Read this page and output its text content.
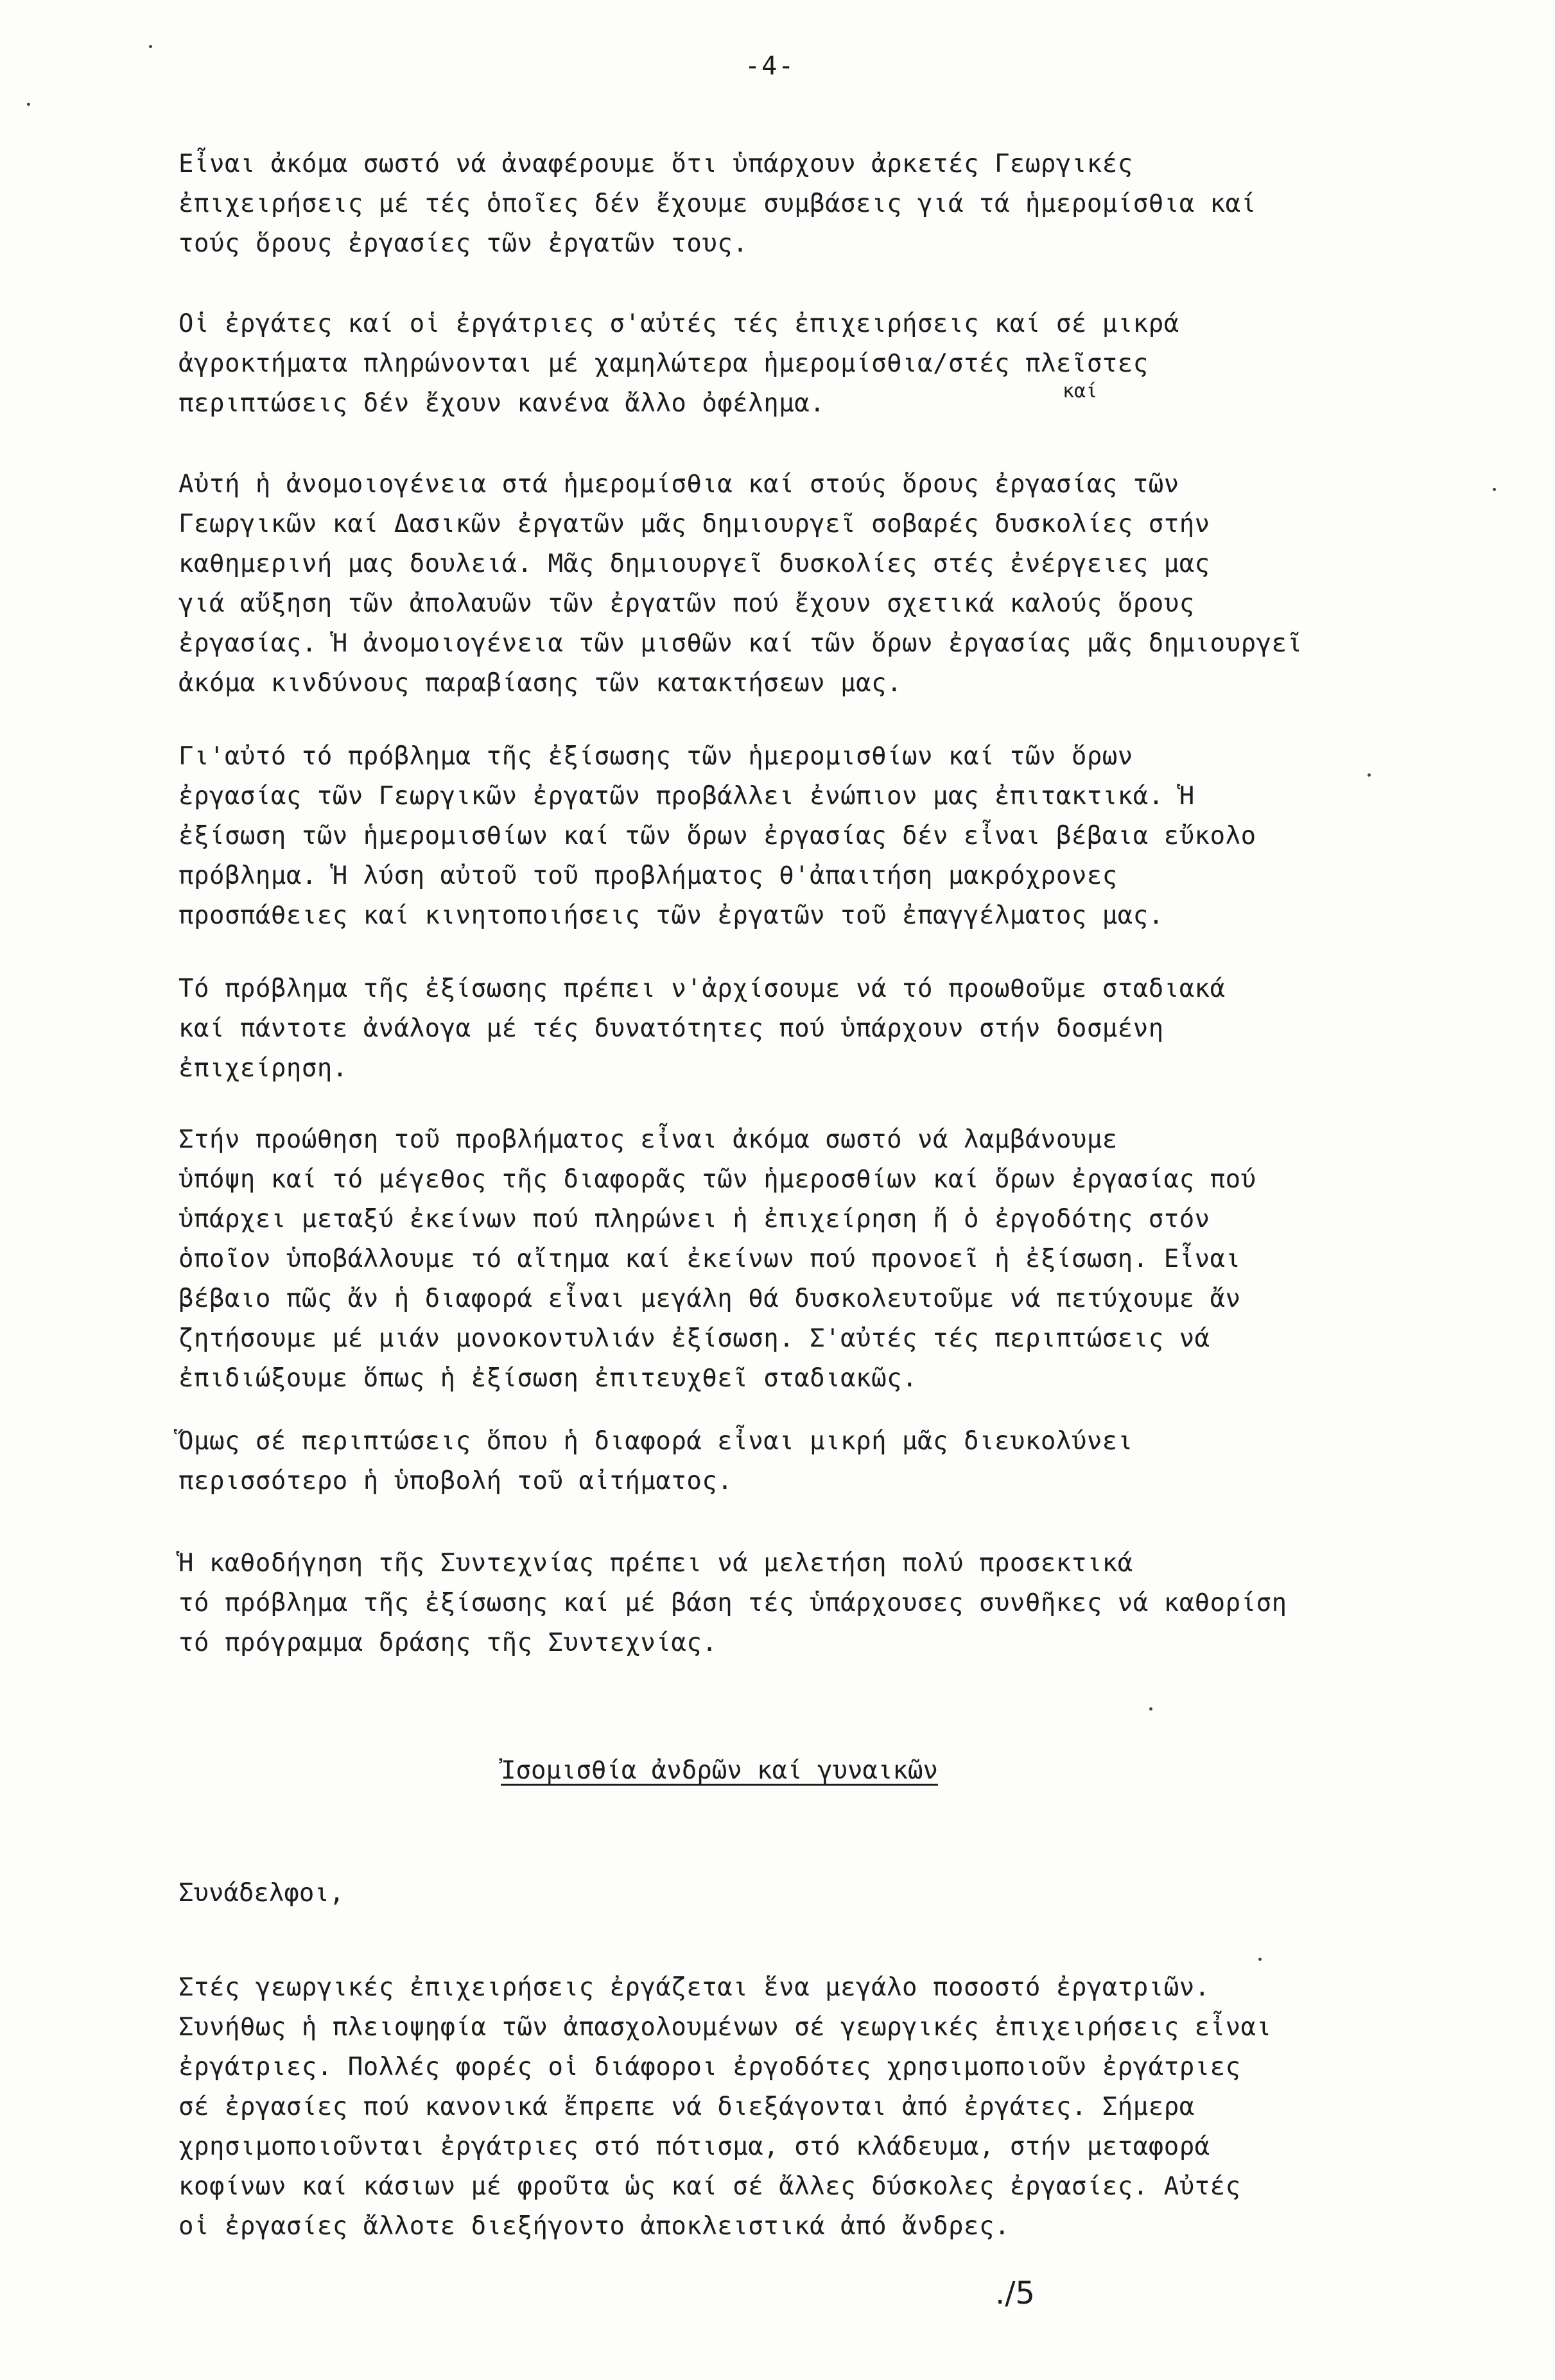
-4-
Εἶναι ἀκόμα σωστό νά ἀναφέρουμε ὅτι ὑπάρχουν ἀρκετές Γεωργικές
ἐπιχειρήσεις μέ τές ὁποῖες δέν ἔχουμε συμβάσεις γιά τά ἡμερομίσθια καί
τούς ὅρους ἐργασίες τῶν ἐργατῶν τους.
Οἱ ἐργάτες καί οἱ ἐργάτριες σ'αὐτές τές ἐπιχειρήσεις καί σέ μικρά
ἀγροκτήματα πληρώνονται μέ χαμηλώτερα ἡμερομίσθια/στές πλεῖστες
περιπτώσεις δέν ἔχουν κανένα ἄλλο ὀφέλημα.	καί
Αὐτή ἡ ἀνομοιογένεια στά ἡμερομίσθια καί στούς ὅρους ἐργασίας τῶν
Γεωργικῶν καί Δασικῶν ἐργατῶν μᾶς δημιουργεῖ σοβαρές δυσκολίες στήν
καθημερινή μας δουλειά. Μᾶς δημιουργεῖ δυσκολίες στές ἐνέργειες μας
γιά αὔξηση τῶν ἀπολαυῶν τῶν ἐργατῶν πού ἔχουν σχετικά καλούς ὅρους
ἐργασίας. Ἡ ἀνομοιογένεια τῶν μισθῶν καί τῶν ὅρων ἐργασίας μᾶς δημιουργεῖ
ἀκόμα κινδύνους παραβίασης τῶν κατακτήσεων μας.
Γι'αὐτό τό πρόβλημα τῆς ἐξίσωσης τῶν ἡμερομισθίων καί τῶν ὅρων
ἐργασίας τῶν Γεωργικῶν ἐργατῶν προβάλλει ἐνώπιον μας ἐπιτακτικά. Ἡ
ἐξίσωση τῶν ἡμερομισθίων καί τῶν ὅρων ἐργασίας δέν εἶναι βέβαια εὔκολο
πρόβλημα. Ἡ λύση αὐτοῦ τοῦ προβλήματος θ'ἀπαιτήση μακρόχρονες
προσπάθειες καί κινητοποιήσεις τῶν ἐργατῶν τοῦ ἐπαγγέλματος μας.
Τό πρόβλημα τῆς ἐξίσωσης πρέπει ν'ἀρχίσουμε νά τό προωθοῦμε σταδιακά
καί πάντοτε ἀνάλογα μέ τές δυνατότητες πού ὑπάρχουν στήν δοσμένη
ἐπιχείρηση.
Στήν προώθηση τοῦ προβλήματος εἶναι ἀκόμα σωστό νά λαμβάνουμε
ὑπόψη καί τό μέγεθος τῆς διαφορᾶς τῶν ἡμεροσθίων καί ὅρων ἐργασίας πού
ὑπάρχει μεταξύ ἐκείνων πού πληρώνει ἡ ἐπιχείρηση ἤ ὁ ἐργοδότης στόν
ὁποῖον ὑποβάλλουμε τό αἴτημα καί ἐκείνων πού προνοεῖ ἡ ἐξίσωση. Εἶναι
βέβαιο πῶς ἄν ἡ διαφορά εἶναι μεγάλη θά δυσκολευτοῦμε νά πετύχουμε ἄν
ζητήσουμε μέ μιάν μονοκοντυλιάν ἐξίσωση. Σ'αὐτές τές περιπτώσεις νά
ἐπιδιώξουμε ὅπως ἡ ἐξίσωση ἐπιτευχθεῖ σταδιακῶς.
Ὅμως σέ περιπτώσεις ὅπου ἡ διαφορά εἶναι μικρή μᾶς διευκολύνει
περισσότερο ἡ ὑποβολή τοῦ αἰτήματος.
Ἡ καθοδήγηση τῆς Συντεχνίας πρέπει νά μελετήση πολύ προσεκτικά
τό πρόβλημα τῆς ἐξίσωσης καί μέ βάση τές ὑπάρχουσες συνθῆκες νά καθορίση
τό πρόγραμμα δράσης τῆς Συντεχνίας.
Ἰσομισθία ἀνδρῶν καί γυναικῶν
Συνάδελφοι,
Στές γεωργικές ἐπιχειρήσεις ἐργάζεται ἕνα μεγάλο ποσοστό ἐργατριῶν.
Συνήθως ἡ πλειοψηφία τῶν ἀπασχολουμένων σέ γεωργικές ἐπιχειρήσεις εἶναι
ἐργάτριες. Πολλές φορές οἱ διάφοροι ἐργοδότες χρησιμοποιοῦν ἐργάτριες
σέ ἐργασίες πού κανονικά ἔπρεπε νά διεξάγονται ἀπό ἐργάτες. Σήμερα
χρησιμοποιοῦνται ἐργάτριες στό πότισμα, στό κλάδευμα, στήν μεταφορά
κοφίνων καί κάσιων μέ φροῦτα ὡς καί σέ ἄλλες δύσκολες ἐργασίες. Αὐτές
οἱ ἐργασίες ἄλλοτε διεξήγοντο ἀποκλειστικά ἀπό ἄνδρες.
./5
